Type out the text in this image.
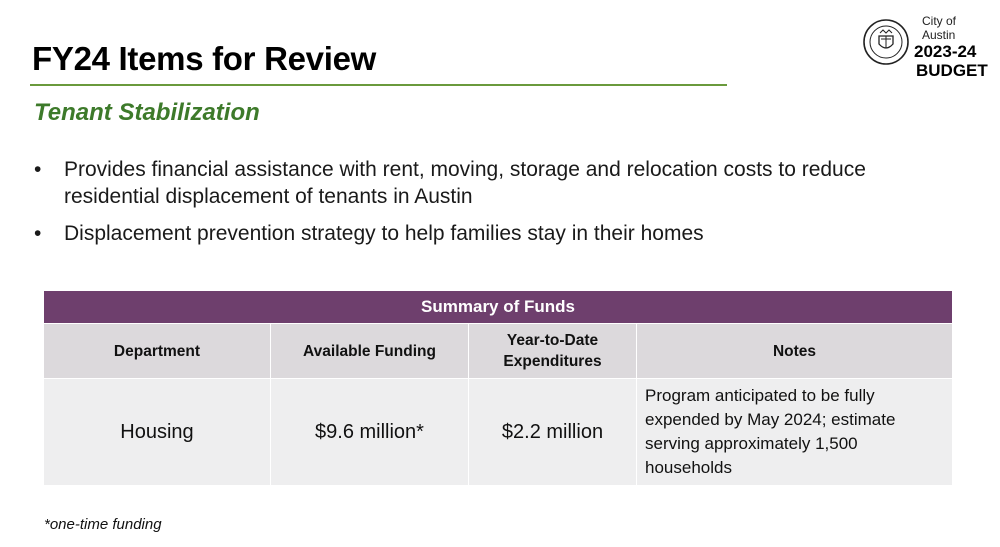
FY24 Items for Review
Tenant Stabilization
City of Austin
2023-24
BUDGET
• Provides financial assistance with rent, moving, storage and relocation costs to reduce residential displacement of tenants in Austin
• Displacement prevention strategy to help families stay in their homes
Summary of Funds			
Department	Available Funding	Year-to-Date Expenditures	Notes
Housing	$9.6 million*	$2.2 million	Program anticipated to be fully expended by May 2024; estimate serving approximately 1,500 households

*one-time funding
